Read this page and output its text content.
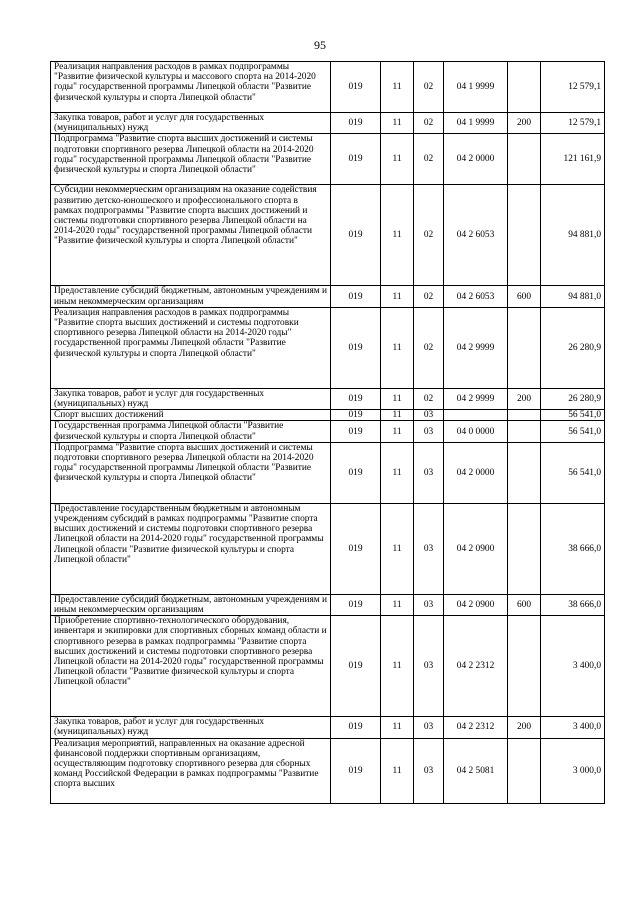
95
Реализация направления расходов в рамках подпрограммы "Развитие физической культуры и массового спорта на 2014-2020 годы" государственной программы Липецкой области "Развитие физической культуры и спорта Липецкой области"	019	11	02	04 1 9999		12 579,1
Закупка товаров, работ и услуг для государственных (муниципальных) нужд	019	11	02	04 1 9999	200	12 579,1
Подпрограмма "Развитие спорта высших достижений и системы подготовки спортивного резерва Липецкой области на 2014-2020 годы" государственной программы Липецкой области "Развитие физической культуры и спорта Липецкой области"	019	11	02	04 2 0000		121 161,9
Субсидии некоммерческим организациям на оказание содействия развитию детско-юношеского и профессионального спорта в рамках подпрограммы "Развитие спорта высших достижений и системы подготовки спортивного резерва Липецкой области на 2014-2020 годы" государственной программы Липецкой области "Развитие физической культуры и спорта Липецкой области"	019	11	02	04 2 6053		94 881,0
Предоставление субсидий бюджетным, автономным учреждениям и иным некоммерческим организациям	019	11	02	04 2 6053	600	94 881,0
Реализация направления расходов в рамках подпрограммы "Развитие спорта высших достижений и системы подготовки спортивного резерва Липецкой области на 2014-2020 годы" государственной программы Липецкой области "Развитие физической культуры и спорта Липецкой области"	019	11	02	04 2 9999		26 280,9
Закупка товаров, работ и услуг для государственных (муниципальных) нужд	019	11	02	04 2 9999	200	26 280,9
Спорт высших достижений	019	11	03			56 541,0
Государственная программа Липецкой области "Развитие физической культуры и спорта Липецкой области"	019	11	03	04 0 0000		56 541,0
Подпрограмма "Развитие спорта высших достижений и системы подготовки спортивного резерва Липецкой области на 2014-2020 годы" государственной программы Липецкой области "Развитие физической культуры и спорта Липецкой области"	019	11	03	04 2 0000		56 541,0
Предоставление государственным бюджетным и автономным учреждениям субсидий в рамках подпрограммы "Развитие спорта высших достижений и системы подготовки спортивного резерва Липецкой области на 2014-2020 годы" государственной программы Липецкой области "Развитие физической культуры и спорта Липецкой области"	019	11	03	04 2 0900		38 666,0
Предоставление субсидий бюджетным, автономным учреждениям и иным некоммерческим организациям	019	11	03	04 2 0900	600	38 666,0
Приобретение спортивно-технологического оборудования, инвентаря и экипировки для спортивных сборных команд области и спортивного резерва в рамках подпрограммы "Развитие спорта высших достижений и системы подготовки спортивного резерва Липецкой области на 2014-2020 годы" государственной программы Липецкой области "Развитие физической культуры и спорта Липецкой области"	019	11	03	04 2 2312		3 400,0
Закупка товаров, работ и услуг для государственных (муниципальных) нужд	019	11	03	04 2 2312	200	3 400,0
Реализация мероприятий, направленных на оказание адресной финансовой поддержки спортивным организациям, осуществляющим подготовку спортивного резерва для сборных команд Российской Федерации в рамках подпрограммы "Развитие спорта высших	019	11	03	04 2 5081		3 000,0
